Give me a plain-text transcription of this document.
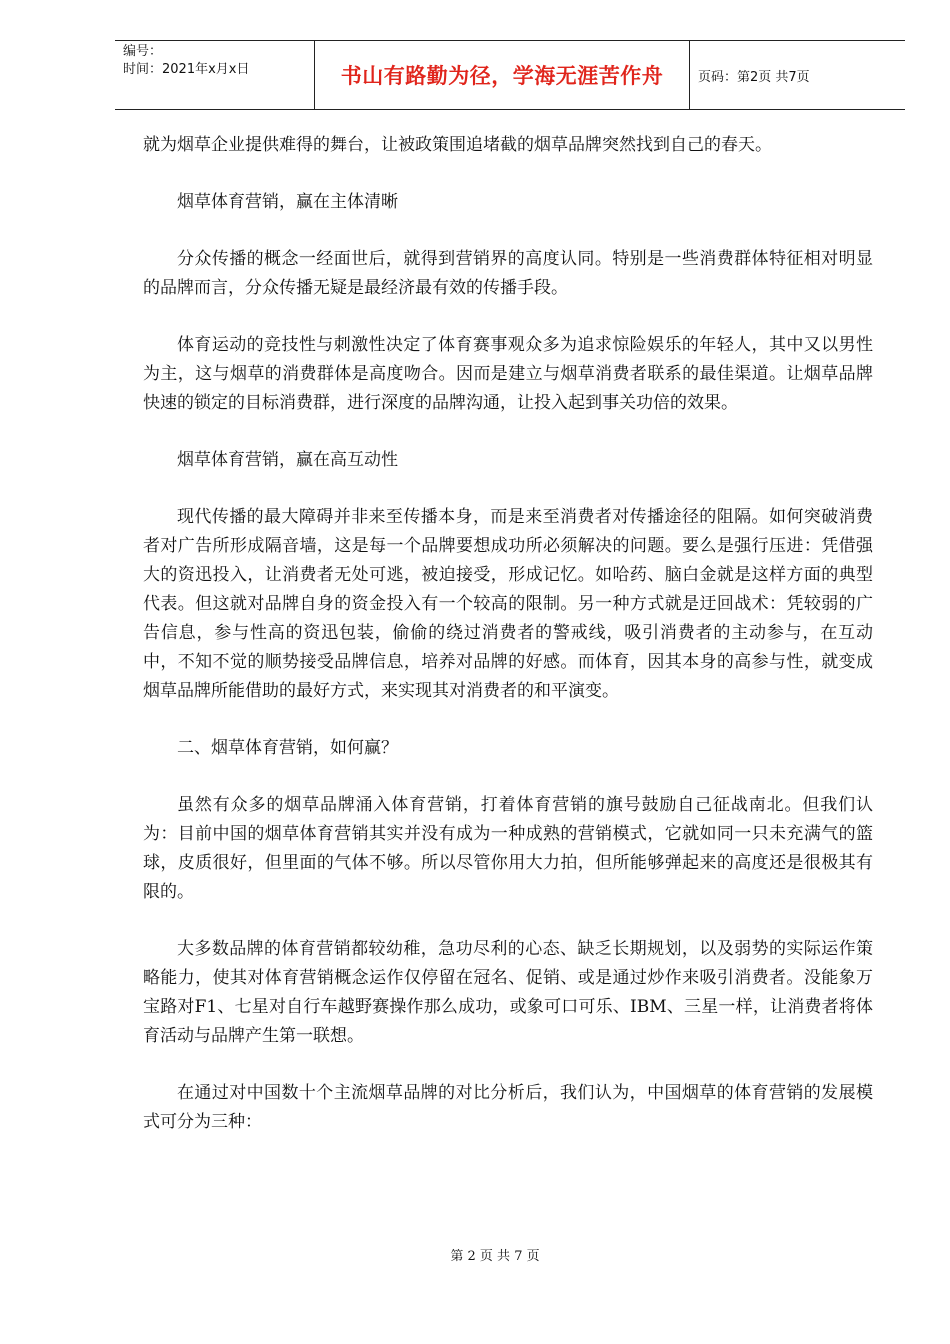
编号：
时间：2021年x月x日	书山有路勤为径，学海无涯苦作舟	页码：第2页 共7页

就为烟草企业提供难得的舞台，让被政策围追堵截的烟草品牌突然找到自己的春天。

烟草体育营销，赢在主体清晰

分众传播的概念一经面世后，就得到营销界的高度认同。特别是一些消费群体特征相对明显的品牌而言，分众传播无疑是最经济最有效的传播手段。

体育运动的竞技性与刺激性决定了体育赛事观众多为追求惊险娱乐的年轻人，其中又以男性为主，这与烟草的消费群体是高度吻合。因而是建立与烟草消费者联系的最佳渠道。让烟草品牌快速的锁定的目标消费群，进行深度的品牌沟通，让投入起到事关功倍的效果。

烟草体育营销，赢在高互动性

现代传播的最大障碍并非来至传播本身，而是来至消费者对传播途径的阻隔。如何突破消费者对广告所形成隔音墙，这是每一个品牌要想成功所必须解决的问题。要么是强行压进：凭借强大的资迅投入，让消费者无处可逃，被迫接受，形成记忆。如哈药、脑白金就是这样方面的典型代表。但这就对品牌自身的资金投入有一个较高的限制。另一种方式就是迂回战术：凭较弱的广告信息，参与性高的资迅包装，偷偷的绕过消费者的警戒线，吸引消费者的主动参与，在互动中，不知不觉的顺势接受品牌信息，培养对品牌的好感。而体育，因其本身的高参与性，就变成烟草品牌所能借助的最好方式，来实现其对消费者的和平演变。

二、烟草体育营销，如何赢？

虽然有众多的烟草品牌涌入体育营销，打着体育营销的旗号鼓励自己征战南北。但我们认为：目前中国的烟草体育营销其实并没有成为一种成熟的营销模式，它就如同一只未充满气的篮球，皮质很好，但里面的气体不够。所以尽管你用大力拍，但所能够弹起来的高度还是很极其有限的。

大多数品牌的体育营销都较幼稚，急功尽利的心态、缺乏长期规划，以及弱势的实际运作策略能力，使其对体育营销概念运作仅停留在冠名、促销、或是通过炒作来吸引消费者。没能象万宝路对F1、七星对自行车越野赛操作那么成功，或象可口可乐、IBM、三星一样，让消费者将体育活动与品牌产生第一联想。

在通过对中国数十个主流烟草品牌的对比分析后，我们认为，中国烟草的体育营销的发展模式可分为三种：

第 2 页 共 7 页
